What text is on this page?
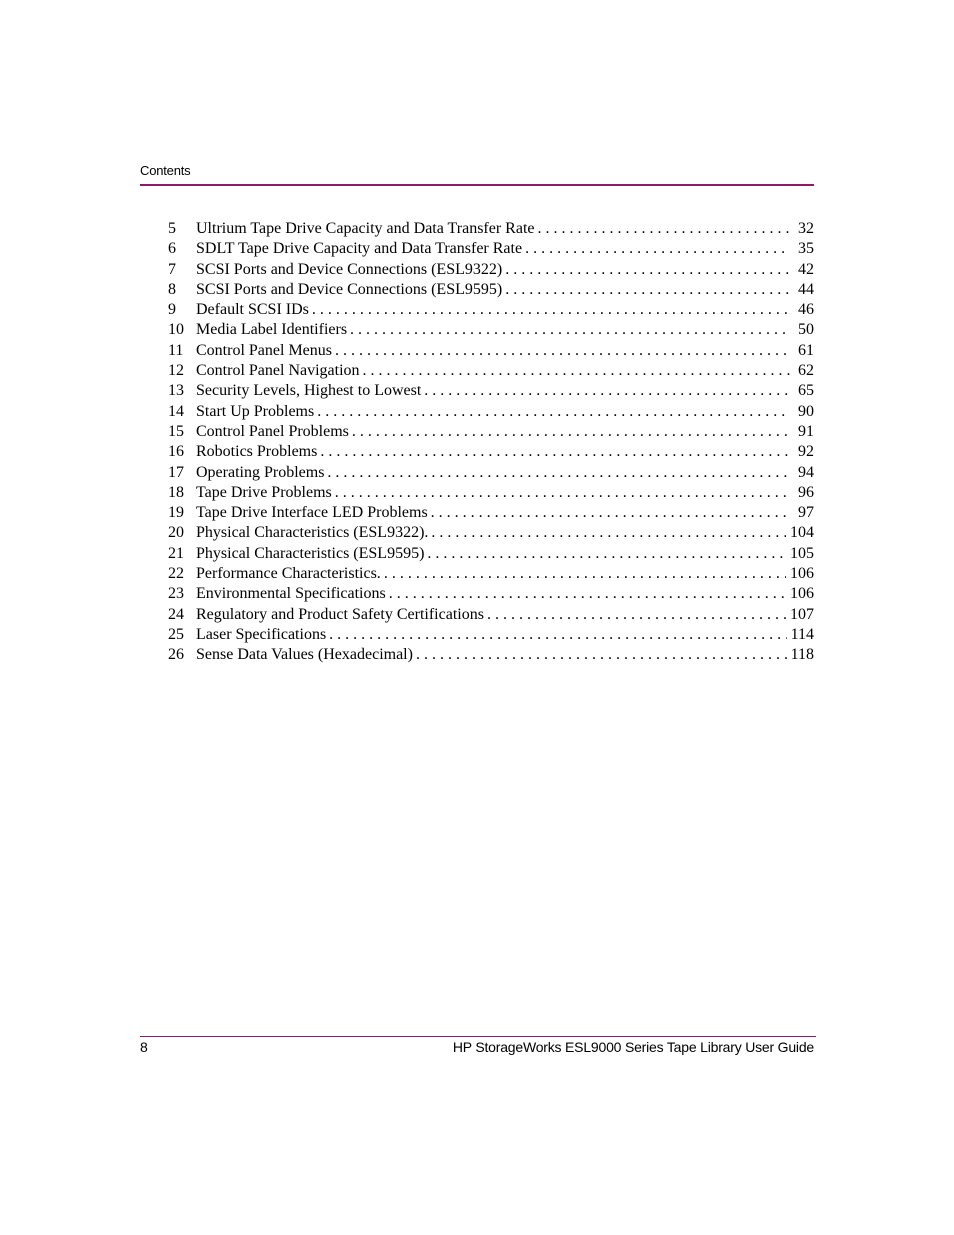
Contents
5	Ultrium Tape Drive Capacity and Data Transfer Rate . . .	32
6	SDLT Tape Drive Capacity and Data Transfer Rate . . .	35
7	SCSI Ports and Device Connections (ESL9322) . . .	42
8	SCSI Ports and Device Connections (ESL9595) . . .	44
9	Default SCSI IDs . . .	46
10 Media Label Identifiers . . .	50
11 Control Panel Menus . . .	61
12 Control Panel Navigation . . .	62
13 Security Levels, Highest to Lowest . . .	65
14 Start Up Problems . . .	90
15 Control Panel Problems . . .	91
16 Robotics Problems . . .	92
17 Operating Problems . . .	94
18 Tape Drive Problems . . .	96
19 Tape Drive Interface LED Problems . . .	97
20 Physical Characteristics (ESL9322). . . .	104
21 Physical Characteristics (ESL9595) . . .	105
22 Performance Characteristics. . . .	106
23 Environmental Specifications . . .	106
24 Regulatory and Product Safety Certifications . . .	107
25 Laser Specifications . . .	114
26 Sense Data Values (Hexadecimal) . . .	118
8	HP StorageWorks ESL9000 Series Tape Library User Guide
